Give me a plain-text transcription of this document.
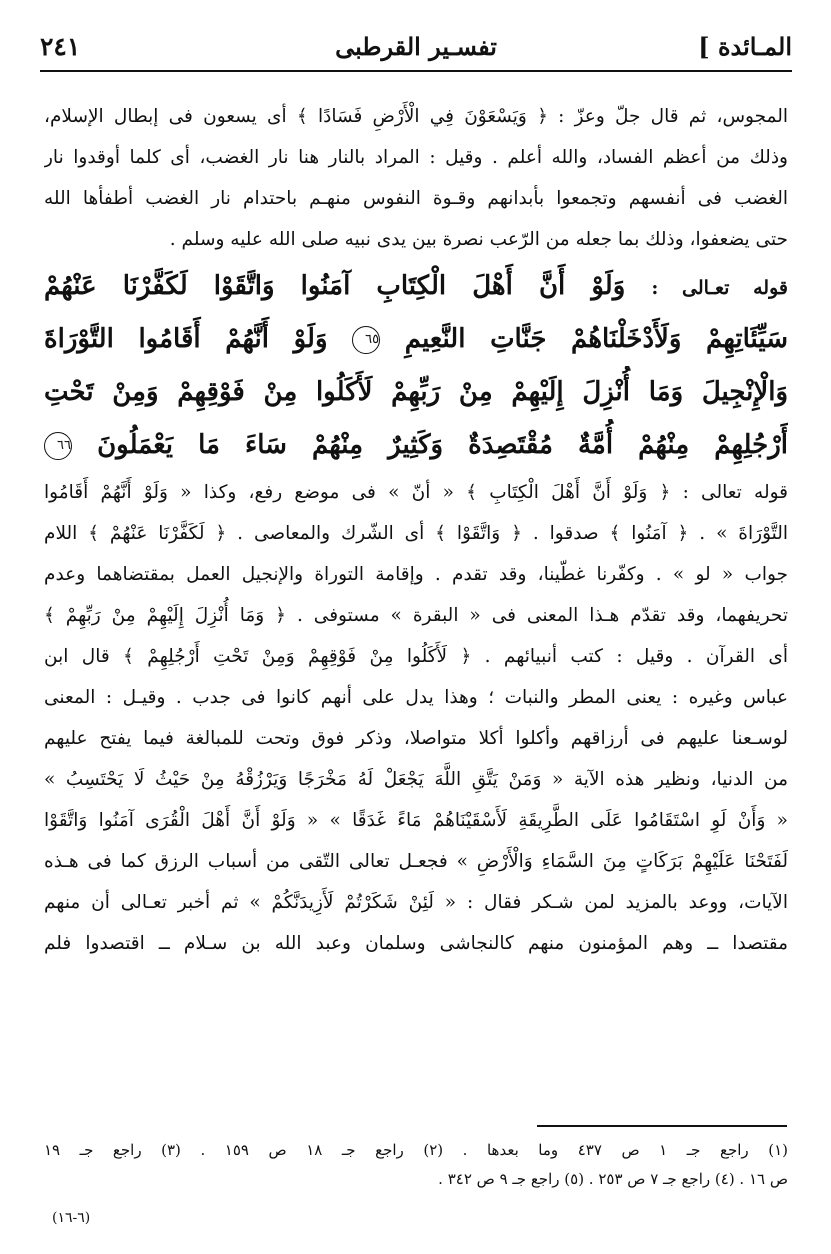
المـائدة ]
تفسـير القرطبى
٢٤١
المجوس، ثم قال جلّ وعزّ : ﴿ وَيَسْعَوْنَ فِي الْأَرْضِ فَسَادًا ﴾ أى يسعون فى إبطال الإسلام،
وذلك من أعظم الفساد، والله أعلم . وقيل : المراد بالنار هنا نار الغضب، أى كلما أوقدوا نار
الغضب فى أنفسهم وتجمعوا بأبدانهم وقـوة النفوس منهـم باحتدام نار الغضب أطفأها الله
حتى يضعفوا، وذلك بما جعله من الرّعب نصرة بين يدى نبيه صلى الله عليه وسلم .
قوله تعـالى : وَلَوْ أَنَّ أَهْلَ الْكِتَابِ آمَنُوا وَاتَّقَوْا لَكَفَّرْنَا عَنْهُمْ
سَيِّئَاتِهِمْ وَلَأَدْخَلْنَاهُمْ جَنَّاتِ النَّعِيمِ ٦٥ وَلَوْ أَنَّهُمْ أَقَامُوا التَّوْرَاةَ
وَالْإِنْجِيلَ وَمَا أُنْزِلَ إِلَيْهِمْ مِنْ رَبِّهِمْ لَأَكَلُوا مِنْ فَوْقِهِمْ وَمِنْ تَحْتِ
أَرْجُلِهِمْ مِنْهُمْ أُمَّةٌ مُقْتَصِدَةٌ وَكَثِيرٌ مِنْهُمْ سَاءَ مَا يَعْمَلُونَ ٦٦
قوله تعالى : ﴿ وَلَوْ أَنَّ أَهْلَ الْكِتَابِ ﴾ « أنّ » فى موضع رفع، وكذا « وَلَوْ أَنَّهُمْ أَقَامُوا
التَّوْرَاةَ » . ﴿ آمَنُوا ﴾ صدقوا . ﴿ وَاتَّقَوْا ﴾ أى الشّرك والمعاصى . ﴿ لَكَفَّرْنَا عَنْهُمْ ﴾ اللام
جواب « لو » . وكفّرنا غطّينا، وقد تقدم . وإقامة التوراة والإنجيل العمل بمقتضاهما وعدم
تحريفهما، وقد تقدّم هـذا المعنى فى « البقرة » مستوفى . ﴿ وَمَا أُنْزِلَ إِلَيْهِمْ مِنْ رَبِّهِمْ ﴾
أى القرآن . وقيل : كتب أنبيائهم . ﴿ لَأَكَلُوا مِنْ فَوْقِهِمْ وَمِنْ تَحْتِ أَرْجُلِهِمْ ﴾ قال ابن
عباس وغيره : يعنى المطر والنبات ؛ وهذا يدل على أنهم كانوا فى جدب . وقيـل : المعنى
لوسـعنا عليهم فى أرزاقهم وأكلوا أكلا متواصلا، وذكر فوق وتحت للمبالغة فيما يفتح عليهم
من الدنيا، ونظير هذه الآية « وَمَنْ يَتَّقِ اللَّهَ يَجْعَلْ لَهُ مَخْرَجًا وَيَرْزُقْهُ مِنْ حَيْثُ لَا يَحْتَسِبُ »
« وَأَنْ لَوِ اسْتَقَامُوا عَلَى الطَّرِيقَةِ لَأَسْقَيْنَاهُمْ مَاءً غَدَقًا » « وَلَوْ أَنَّ أَهْلَ الْقُرَى آمَنُوا وَاتَّقَوْا
لَفَتَحْنَا عَلَيْهِمْ بَرَكَاتٍ مِنَ السَّمَاءِ وَالْأَرْضِ » فجعـل تعالى التّقى من أسباب الرزق كما فى هـذه
الآيات، ووعد بالمزيد لمن شـكر فقال : « لَئِنْ شَكَرْتُمْ لَأَزِيدَنَّكُمْ » ثم أخبر تعـالى أن منهم
مقتصدا ــ وهم المؤمنون منهم كالنجاشى وسلمان وعبد الله بن سـلام ــ اقتصدوا فلم
(١) راجع جـ ١ ص ٤٣٧ وما بعدها . (٢) راجع جـ ١٨ ص ١٥٩ . (٣) راجع جـ ١٩
ص ١٦ . (٤) راجع جـ ٧ ص ٢٥٣ . (٥) راجع جـ ٩ ص ٣٤٢ .
(٦-١٦)
